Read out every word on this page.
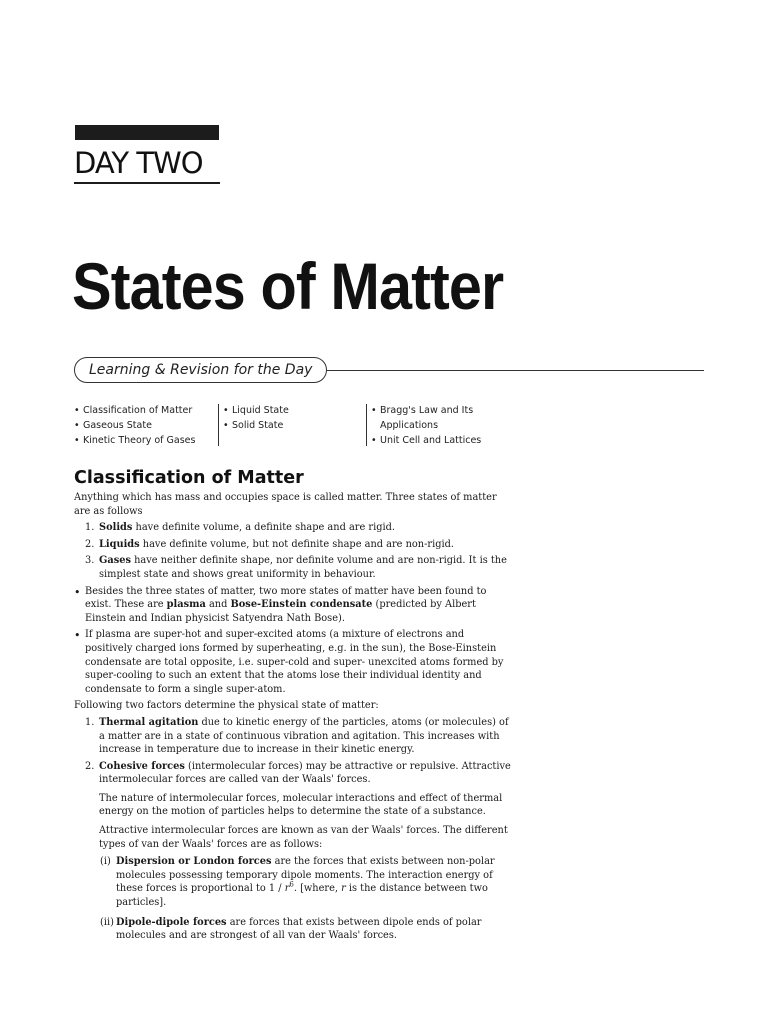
DAY TWO
States of Matter
Learning & Revision for the Day
• Classification of Matter
• Gaseous State
• Kinetic Theory of Gases
• Liquid State
• Solid State
• Bragg's Law and Its Applications
• Unit Cell and Lattices
Classification of Matter

Anything which has mass and occupies space is called matter. Three states of matter are as follows

1. Solids have definite volume, a definite shape and are rigid.
2. Liquids have definite volume, but not definite shape and are non-rigid.
3. Gases have neither definite shape, nor definite volume and are non-rigid. It is the simplest state and shows great uniformity in behaviour.
• Besides the three states of matter, two more states of matter have been found to exist. These are plasma and Bose-Einstein condensate (predicted by Albert Einstein and Indian physicist Satyendra Nath Bose).
• If plasma are super-hot and super-excited atoms (a mixture of electrons and positively charged ions formed by superheating, e.g. in the sun), the Bose-Einstein condensate are total opposite, i.e. super-cold and super- unexcited atoms formed by super-cooling to such an extent that the atoms lose their individual identity and condensate to form a single super-atom.

Following two factors determine the physical state of matter:

1. Thermal agitation due to kinetic energy of the particles, atoms (or molecules) of a matter are in a state of continuous vibration and agitation. This increases with increase in temperature due to increase in their kinetic energy.
2. Cohesive forces (intermolecular forces) may be attractive or repulsive. Attractive intermolecular forces are called van der Waals' forces.

The nature of intermolecular forces, molecular interactions and effect of thermal energy on the motion of particles helps to determine the state of a substance.

Attractive intermolecular forces are known as van der Waals' forces. The different types of van der Waals' forces are as follows:

(i) Dispersion or London forces are the forces that exists between non-polar molecules possessing temporary dipole moments. The interaction energy of these forces is proportional to $1 / r^6$. [where, r is the distance between two particles].
(ii) Dipole-dipole forces are forces that exists between dipole ends of polar molecules and are strongest of all van der Waals' forces.
